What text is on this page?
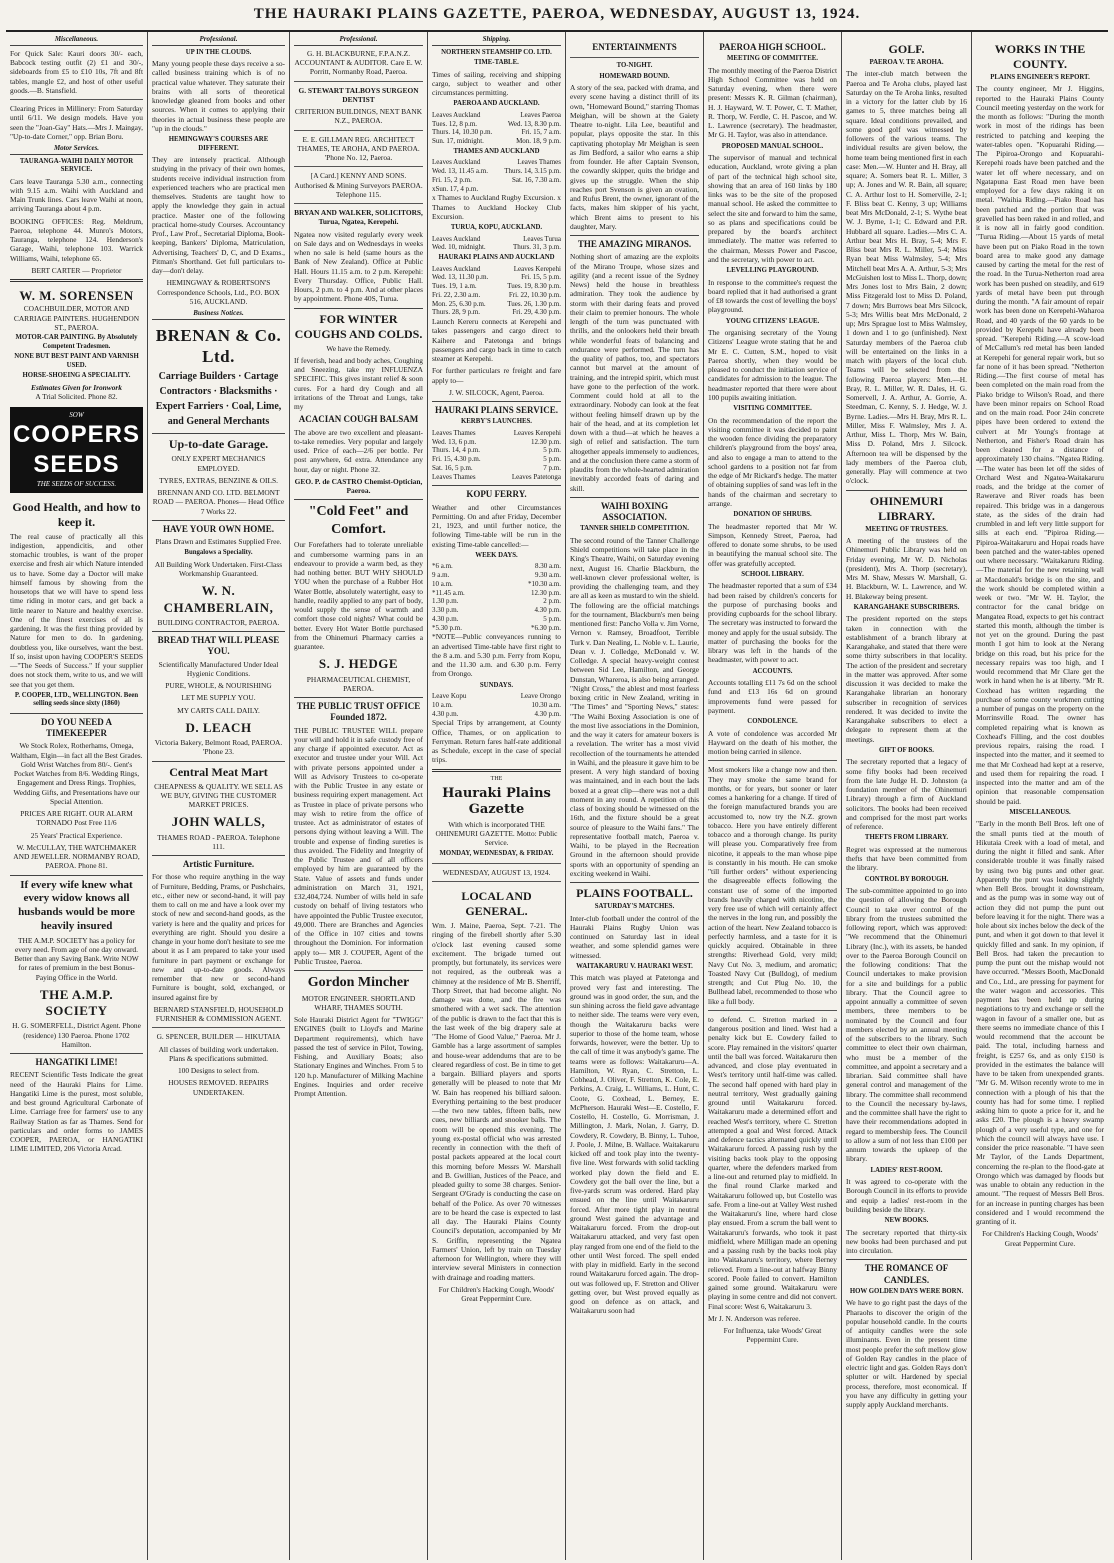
THE HAURAKI PLAINS GAZETTE, PAEROA, WEDNESDAY, AUGUST 13, 1924.
Miscellaneous.

For Quick Sale: Kauri doors 30/- each, Babcock testing outfit (2) £1 and 30/-, sideboards from £5 to £10 10s, 7ft and 8ft tables, mangle £2, and host of other useful goods.—B. Stansfield.

Clearing Prices in Millinery: From Saturday until 6/11. We design models. Have you seen the "Joan-Gay" Hats.—Mrs J. Maingay, "Up-to-date Corner," opp. Brian Boru.

Motor Services.
TAURANGA-WAIHI DAILY MOTOR SERVICE.

Cars leave Tauranga 5.30 a.m., connecting with 9.15 a.m. Waihi with Auckland and Main Trunk lines. Cars leave Waihi at noon, arriving Tauranga about 4 p.m.

BOOKING OFFICES: Reg. Meldrum, Paeroa, telephone 44. Munro's Motors, Tauranga, telephone 124. Henderson's Garage, Waihi, telephone 103. Warrick Williams, Waihi, telephone 65.

BERT CARTER — Proprietor

W. M. SORENSEN
COACHBUILDER, MOTOR AND CARRIAGE PAINTERS. HUGHENDON ST., PAEROA.
MOTOR-CAR PAINTING. By Absolutely Competent Tradesmen.
NONE BUT BEST PAINT AND VARNISH USED.
HORSE-SHOEING A SPECIALITY.
Estimates Given for Ironwork
A Trial Solicited. Phone 82.
SOW
COOPERS SEEDS
THE SEEDS OF SUCCESS.
Good Health, and how to keep it.

The real cause of practically all this indigestion, appendicitis, and other stomachic troubles, is want of the proper exercise and fresh air which Nature intended us to have. Some day a Doctor will make himself famous by showing from the housetops that we will have to spend less time riding in motor cars, and get back a little nearer to Nature and healthy exercise. One of the finest exercises of all is gardening. It was the first thing provided by Nature for men to do. In gardening, doubtless you, like ourselves, want the best. If so, insist upon having COOPER'S SEEDS—"The Seeds of Success." If your supplier does not stock them, write to us, and we will see that you get them.

P. COOPER, LTD., WELLINGTON. Been selling seeds since sixty (1860)
DO YOU NEED A TIMEKEEPER

We Stock Rolex, Rotherhams, Omega, Waltham, Elgin—in fact all the Best Grades. Gold Wrist Watches from 80/-. Gent's Pocket Watches from 8/6. Wedding Rings, Engagement and Dress Rings. Trophies, Wedding Gifts, and Presentations have our Special Attention.

PRICES ARE RIGHT. OUR ALARM TORNADO Post Free 11/6

25 Years' Practical Experience.

W. McCULLAY, THE WATCHMAKER AND JEWELLER. NORMANBY ROAD, PAEROA. Phone 81.

If every wife knew what every widow knows all husbands would be more heavily insured

THE A.M.P. SOCIETY has a policy for every need. From age of one day onward. Better than any Saving Bank. Write NOW for rates of premium in the best Bonus-Paying Office in the World.

THE A.M.P. SOCIETY

H. G. SOMERFELL, District Agent. Phone (residence) 130 Paeroa. Phone 1702 Hamilton.

HANGATIKI LIME!

RECENT Scientific Tests Indicate the great need of the Hauraki Plains for Lime. Hangatiki Lime is the purest, most soluble, and best ground Agricultural Carbonate of Lime. Carriage free for farmers' use to any Railway Station as far as Thames. Send for particulars and order forms to JAMES COOPER, PAEROA, or HANGATIKI LIME LIMITED, 206 Victoria Arcad.

Professional.
UP IN THE CLOUDS.

Many young people these days receive a so-called business training which is of no practical value whatever. They saturate their brains with all sorts of theoretical knowledge gleaned from books and other sources. When it comes to applying their theories in actual business these people are "up in the clouds."

HEMINGWAY'S COURSES ARE DIFFERENT.

They are intensely practical. Although studying in the privacy of their own homes, students receive individual instruction from experienced teachers who are practical men themselves. Students are taught how to apply the knowledge they gain in actual practice. Master one of the following practical home-study Courses. Accountancy Prof., Law Prof., Secretarial Diploma, Book-keeping, Bankers' Diploma, Matriculation, Advertising, Teachers' D, C, and D Exams., Pitman's Shorthand. Get full particulars to-day—don't delay.

HEMINGWAY & ROBERTSON'S Correspondence Schools, Ltd., P.O. BOX 516, AUCKLAND.

Business Notices.
BRENAN & Co. Ltd.

Carriage Builders · Cartage Contractors · Blacksmiths · Expert Farriers · Coal, Lime, and General Merchants

Up-to-date Garage.

ONLY EXPERT MECHANICS EMPLOYED.

TYRES, EXTRAS, BENZINE & OILS.

BRENNAN AND CO. LTD. BELMONT ROAD — PAEROA. Phones— Head Office 7 Works 22.

HAVE YOUR OWN HOME.

Plans Drawn and Estimates Supplied Free.

Bungalows a Speciality.

All Building Work Undertaken. First-Class Workmanship Guaranteed.

W. N. CHAMBERLAIN,

BUILDING CONTRACTOR, PAEROA.

BREAD THAT WILL PLEASE YOU.

Scientifically Manufactured Under Ideal Hygienic Conditions.

PURE, WHOLE, & NOURISHING

LET ME SUPPLY YOU.

MY CARTS CALL DAILY.

D. LEACH

Victoria Bakery, Belmont Road, PAEROA. 'Phone 23.

Central Meat Mart

CHEAPNESS & QUALITY. WE SELL AS WE BUY, GIVING THE CUSTOMER MARKET PRICES.

JOHN WALLS,

THAMES ROAD - PAEROA. Telephone 111.

Artistic Furniture.

For those who require anything in the way of Furniture, Bedding, Prams, or Pushchairs, etc., either new or second-hand, it will pay them to call on me and have a look over my stock of new and second-hand goods, as the variety is here and the quality and prices for everything are right. Should you desire a change in your home don't hesitate to see me about it as I am prepared to take your used furniture in part payment or exchange for new and up-to-date goods. Always remember that new or second-hand Furniture is bought, sold, exchanged, or insured against fire by

BERNARD STANSFIELD, HOUSEHOLD FURNISHER & COMMISSION AGENT.

G. SPENCER, BUILDER — HIKUTAIA

All classes of building work undertaken. Plans & specifications submitted.

100 Designs to select from.

HOUSES REMOVED. REPAIRS UNDERTAKEN.

Professional.

G. H. BLACKBURNE, F.P.A.N.Z. ACCOUNTANT & AUDITOR. Care E. W. Porritt, Normanby Road, Paeroa.

G. STEWART TALBOYS SURGEON DENTIST

CRITERION BUILDINGS, NEXT BANK N.Z., PAEROA.

E. E. GILLMAN REG. ARCHITECT THAMES, TE AROHA, AND PAEROA. 'Phone No. 12, Paeroa.

[A Card.] KENNY AND SONS. Authorised & Mining Surveyors PAEROA. Telephone 115.

BRYAN AND WALKER, SOLICITORS, Turua, Ngatea, Kerepehi.

Ngatea now visited regularly every week on Sale days and on Wednesdays in weeks when no sale is held (same hours as the Bank of New Zealand). Office at Public Hall. Hours 11.15 a.m. to 2 p.m. Kerepehi: Every Thursday. Office, Public Hall. Hours, 2 p.m. to 4 p.m. And at other places by appointment. Phone 40S, Turua.

FOR WINTER COUGHS AND COLDS.

We have the Remedy.

If feverish, head and body aches, Coughing and Sneezing, take my INFLUENZA SPECIFIC. This gives instant relief & soon cures. For a hard dry Cough and all irritations of the Throat and Lungs, take my

ACACIAN COUGH BALSAM

The above are two excellent and pleasant-to-take remedies. Very popular and largely used. Price of each—2/6 per bottle. Per post anywhere, 6d extra. Attendance any hour, day or night. Phone 32.

GEO. P. de CASTRO Chemist-Optician, Paeroa.

"Cold Feet" and Comfort.

Our Forefathers had to tolerate unreliable and cumbersome warming pans in an endeavour to provide a warm bed, as they had nothing better. BUT WHY SHOULD YOU when the purchase of a Rubber Hot Water Bottle, absolutely watertight, easy to handle, readily applied to any part of body, would supply the sense of warmth and comfort those cold nights? What could be better. Every Hot Water Bottle purchased from the Ohinemuri Pharmacy carries a guarantee.

S. J. HEDGE

PHARMACEUTICAL CHEMIST, PAEROA.

THE PUBLIC TRUST OFFICE Founded 1872.

THE PUBLIC TRUSTEE WILL prepare your will and hold it in safe custody free of any charge if appointed executor. Act as executor and trustee under your Will. Act with private persons appointed under a Will as Advisory Trustees to co-operate with the Public Trustee in any estate or business requiring expert management. Act as Trustee in place of private persons who may wish to retire from the office of trustee. Act as administrator of estates of persons dying without leaving a Will. The trouble and expense of finding sureties is thus avoided. The Fidelity and Integrity of the Public Trustee and of all officers employed by him are guaranteed by the State. Value of assets and funds under administration on March 31, 1921, £32,404,724. Number of wills held in safe custody on behalf of living testators who have appointed the Public Trustee executor, 49,000. There are Branches and Agencies of the Office in 107 cities and towns throughout the Dominion. For information apply to— MR J. COUPER, Agent of the Public Trustee, Paeroa.

Gordon Mincher

MOTOR ENGINEER. SHORTLAND WHARF, THAMES SOUTH.

Sole Hauraki District Agent for "TWIGG" ENGINES (built to Lloyd's and Marine Department requirements), which have passed the test of service in Pilot, Towing, Fishing, and Auxiliary Boats; also Stationary Engines and Winches. From 5 to 120 h.p. Manufacturer of Milking Machine Engines. Inquiries and order receive Prompt Attention.

Shipping.
NORTHERN STEAMSHIP CO. LTD.
TIME-TABLE.

Times of sailing, receiving and shipping cargo, subject to weather and other circumstances permitting.

PAEROA AND AUCKLAND.
Leaves Auckland	Leaves Paeroa
Tues. 12, 8 p.m.	Wed. 13, 8.30 p.m.
Thurs. 14, 10.30 p.m.	Fri. 15, 7 a.m.
Sun. 17, midnight.	Mon. 18, 9 p.m.
THAMES AND AUCKLAND
Leaves Auckland	Leaves Thames
Wed. 13, 11.45 a.m. Thurs. 14, 3.15 p.m.
Fri. 15, 2 p.m.	Sat. 16, 7.30 a.m.
xSun. 17, 4 p.m.

x Thames to Auckland Rugby Excursion. x Thames to Auckland Hockey Club Excursion.

TURUA, KOPU, AUCKLAND.
Leaves Auckland	Leaves Turua
Wed. 10, midnight.	Thurs. 31, 3 p.m.
HAURAKI PLAINS AND AUCKLAND
Leaves Auckland	Leaves Kerepehi
Wed. 13, 11.30 p.m.	Fri. 15, 5 p.m.
Tues. 19, 1 a.m.	Tues. 19, 8.30 p.m.
Fri. 22, 2.30 a.m.	Fri. 22, 10.30 p.m.
Mon. 25, 6.30 p.m.	Tues. 26, 1.30 p.m.
Thurs. 28, 9 p.m.	Fri. 29, 4.30 p.m.

Launch Kereru connects at Kerepehi and takes passengers and cargo direct to Kaihere and Patetonga and brings passengers and cargo back in time to catch steamer at Kerepehi.

For further particulars re freight and fare apply to—

J. W. SILCOCK, Agent, Paeroa.

HAURAKI PLAINS SERVICE.
KERBY'S LAUNCHES.
Leaves Thames	Leaves Kerepehi
Wed. 13, 6 p.m.	12.30 p.m.
Thurs. 14, 4 p.m.	5 p.m.
Fri. 15, 4.30 p.m.	5 p.m.
Sat. 16, 5 p.m.	7 p.m.
Leaves Thames	Leaves Patetonga
KOPU FERRY.

Weather and other Circumstances Permitting. On and after Friday, December 21, 1923, and until further notice, the following Time-table will be run in the existing Time-table cancelled:—

WEEK DAYS.
*6 a.m.	8.30 a.m.
9 a.m.	9.30 a.m.
10 a.m.	*10.30 a.m.
*11.45 a.m.	12.30 p.m.
1.30 p.m.	2 p.m.
3.30 p.m.	4.30 p.m.
4.30 p.m.	5 p.m.
*5.30 p.m.	*6.30 p.m.

*NOTE—Public conveyances running to an advertised Time-table have first right to the 8 a.m. and 5.30 p.m. Ferry from Kopu, and the 11.30 a.m. and 6.30 p.m. Ferry from Orongo.

SUNDAYS.
Leave Kopu	Leave Orongo
10 a.m.	10.30 a.m.
4.30 p.m.	4.30 p.m.

Special Trips by arrangement, at County Office, Thames, or on application to Ferryman. Return fares half-rate additional as Schedule, except in the case of special trips.

THE
Hauraki Plains Gazette

With which is incorporated THE OHINEMURI GAZETTE. Motto: Public Service.

MONDAY, WEDNESDAY, & FRIDAY.

WEDNESDAY, AUGUST 13, 1924.

LOCAL AND GENERAL.

Wm. J. Maine, Paeroa, Sept. 7-21. The ringing of the firebell shortly after 5.30 o'clock last evening caused some excitement. The brigade turned out promptly, but fortunately, its services were not required, as the outbreak was a chimney at the residence of Mr B. Sherriff, Thorp Street, that had become alight. No damage was done, and the fire was smothered with a wet sack. The attention of the public is drawn to the fact that this is the last week of the big drapery sale at "The Home of Good Value," Paeroa. Mr J. Gamble has a large assortment of samples and house-wear addendums that are to be cleared regardless of cost. Be in time to get a bargain. Billiard players and sports generally will be pleased to note that Mr W. Bain has reopened his billiard saloon. Everything pertaining to the best producer—the two new tables, fifteen balls, new cues, new billiards and snooker balls. The room will be opened this evening. The young ex-postal official who was arrested recently in connection with the theft of postal packets appeared at the local court this morning before Messrs W. Marshall and B. Gwillian, Justices of the Peace, and pleaded guilty to some 38 charges. Senior-Sergeant O'Grady is conducting the case on behalf of the Police. As over 70 witnesses are to be heard the case is expected to last all day. The Hauraki Plains County Council's deputation, accompanied by Mr S. Griffin, representing the Ngatea Farmers' Union, left by train on Tuesday afternoon for Wellington, where they will interview several Ministers in connection with drainage and roading matters.

For Children's Hacking Cough, Woods' Great Peppermint Cure.

ENTERTAINMENTS
TO-NIGHT.
HOMEWARD BOUND.

A story of the sea, packed with drama, and every scene having a distinct thrill of its own, "Homeward Bound," starring Thomas Meighan, will be shown at the Gaiety Theatre to-night. Lila Lee, beautiful and popular, plays opposite the star. In this captivating photoplay Mr Meighan is seen as Jim Bedford, a sailor who earns a ship from founder. He after Captain Svenson, the cowardly skipper, quits the bridge and gives up the struggle. When the ship reaches port Svenson is given an ovation, and Rufus Brent, the owner, ignorant of the facts, makes him skipper of his yacht, which Brent aims to present to his daughter, Mary.

THE AMAZING MIRANOS.

Nothing short of amazing are the exploits of the Mirano Troupe, whose sizes and agility (and a recent issue of the Sydney News) held the house in breathless admiration. They took the audience by storm with their daring feats and proved their claim to premier honours. The whole length of the turn was punctuated with thrills, and the onlookers held their breath while wonderful feats of balancing and endurance were performed. The turn has the quality of pathos, too, and spectators cannot but marvel at the amount of training, and the intrepid spirit, which must have gone to the perfection of the work. Comment could hold at all to the extraordinary. Nobody can look at the feat without feeling himself drawn up by the hair of the head, and at its completion let down with a thud—at which he heaves a sigh of relief and satisfaction. The turn altogether appeals immensely to audiences, and at the conclusion there came a storm of plaudits from the whole-hearted admiration inevitably accorded feats of daring and skill.

WAIHI BOXING ASSOCIATION.
TANNER SHIELD COMPETITION.

The second round of the Tanner Challenge Shield competitions will take place in the King's Theatre, Waihi, on Saturday evening next, August 16. Charlie Blackburn, the well-known clever professional welter, is providing the challenging team, and they are all as keen as mustard to win the shield. The following are the official matchings for the tournament, Blackburn's men being mentioned first: Pancho Volla v. Jim Vorne, Vernon v. Ramsey, Broadfoot, Terrible Turk v. Dan Nealing, L. Noble v. L. Laurie, Dean v. J. Colledge, McDonald v. W. Colledge. A special heavy-weight contest between Sid Lee, Hamilton, and George Dunstan, Whareroa, is also being arranged. "Night Cross," the ablest and most fearless boxing critic in New Zealand, writing in "The Times" and "Sporting News," states: "The Waihi Boxing Association is one of the most live associations in the Dominion, and the way it caters for amateur boxers is a revelation. The writer has a most vivid recollection of the tournaments he attended in Waihi, and the pleasure it gave him to be present. A very high standard of boxing was maintained, and in each bout the lads boxed at a great clip—there was not a dull moment in any round. A repetition of this class of boxing should be witnessed on the 16th, and the fixture should be a great source of pleasure to the Waihi fans." The representative football match, Paeroa v. Waihi, to be played in the Recreation Ground in the afternoon should provide sports with an opportunity of spending an exciting weekend in Waihi.

PLAINS FOOTBALL.
SATURDAY'S MATCHES.

Inter-club football under the control of the Hauraki Plains Rugby Union was continued on Saturday last in ideal weather, and some splendid games were witnessed.

WAITAKARURU V. HAURAKI WEST.

This match was played at Patetonga and proved very fast and interesting. The ground was in good order, the sun, and the sun shining across the field gave advantage to neither side. The teams were very even, though the Waitakaruru backs were superior to those of the home team, whose forwards, however, were the better. Up to the call of time it was anybody's game. The teams were as follows: Waitakaruru—A. Hamilton, W. Ryan, C. Stretton, L. Cobhead, J. Oliver, F. Stretton, K. Cole, E. Perkins, A. Craig, L. Williams, L. Hunt, C. Coote, G. Coxhead, L. Berney, E. McPherson. Hauraki West—E. Costello, F. Costello, H. Costello, G. Morrisman, J. Millington, J. Mark, Nolan, J. Garry, D. Cowdery, R. Cowdery, B. Binny, L. Tuhoe, J. Poole, J. Milne, B. Wallace. Waitakaruru kicked off and took play into the twenty-five line. West forwards with solid tackling worked play down the field and E. Cowdery got the ball over the line, but a five-yards scrum was ordered. Hard play ensued on the line until Waitakaruru forced. After more tight play in neutral ground West gained the advantage and Waitakaruru forced. From the drop-out Waitakaruru attacked, and very fast open play ranged from one end of the field to the other until West forced. The spell ended with play in midfield. Early in the second round Waitakaruru forced again. The drop-out was followed up, F. Stretton and Oliver getting over, but West proved equally as good on defence as on attack, and Waitakaruru soon had

PAEROA HIGH SCHOOL.
MEETING OF COMMITTEE.

The monthly meeting of the Paeroa District High School Committee was held on Saturday evening, when there were present: Messrs K. R. Gilman (chairman), H. J. Hayward, W. T. Power, C. T. Mather, R. Thorp, W. Ferdle, C. H. Pascoe, and W. L. Lawrence (secretary). The headmaster, Mr G. H. Taylor, was also in attendance.

PROPOSED MANUAL SCHOOL.

The supervisor of manual and technical education, Auckland, wrote giving a plan of part of the technical high school site, showing that an area of 160 links by 180 links was to be the site of the proposed manual school. He asked the committee to select the site and forward to him the same, so as plans and specifications could be prepared by the board's architect immediately. The matter was referred to the chairman, Messrs Power and Pascoe, and the secretary, with power to act.

LEVELLING PLAYGROUND.

In response to the committee's request the board replied that it had authorised a grant of £8 towards the cost of levelling the boys' playground.

YOUNG CITIZENS' LEAGUE.

The organising secretary of the Young Citizens' League wrote stating that he and Mr E. C. Cutten, S.M., hoped to visit Paeroa shortly, when they would be pleased to conduct the initiation service of candidates for admission to the league. The headmaster reported that there were about 100 pupils awaiting initiation.

VISITING COMMITTEE.

On the recommendation of the report the visiting committee it was decided to paint the wooden fence dividing the preparatory children's playground from the boys' area, and also to engage a man to attend to the school gardens to a position not far from the edge of Mr Rickard's hedge. The matter of obtaining supplies of sand was left in the hands of the chairman and secretary to arrange.

DONATION OF SHRUBS.

The headmaster reported that Mr W. Simpson, Kennedy Street, Paeroa, had offered to donate some shrubs, to be used in beautifying the manual school site. The offer was gratefully accepted.

SCHOOL LIBRARY.

The headmaster reported that a sum of £34 had been raised by children's concerts for the purpose of purchasing books and providing cupboards for the school library. The secretary was instructed to forward the money and apply for the usual subsidy. The matter of purchasing the books for the library was left in the hands of the headmaster, with power to act.

ACCOUNTS.

Accounts totalling £11 7s 6d on the school fund and £13 16s 6d on ground improvements fund were passed for payment.

CONDOLENCE.

A vote of condolence was accorded Mr Hayward on the death of his mother, the motion being carried in silence.

Most smokers like a change now and then. They may smoke the same brand for months, or for years, but sooner or later comes a hankering for a change. If tired of the foreign manufactured brands you are accustomed to, now try the N.Z. grown tobacco. Here you have entirely different tobacco and a thorough change. Its purity will please you. Comparatively free from nicotine, it appeals to the man whose pipe is constantly in his mouth. He can smoke "till further orders" without experiencing the disagreeable effects following the constant use of some of the imported brands heavily charged with nicotine, the very free use of which will certainly affect the nerves in the long run, and possibly the action of the heart. New Zealand tobacco is perfectly harmless, and a taste for it is quickly acquired. Obtainable in three strengths: Riverhead Gold, very mild; Navy Cut No. 3, medium, and aromatic; Toasted Navy Cut (Bulldog), of medium strength; and Cut Plug No. 10, the Bullhead label, recommended to those who like a full body.

to defend. C. Stretton marked in a dangerous position and lined. West had a penalty kick but E. Cowdery failed to score. Play remained in the visitors' quarter until the ball was forced. Waitakaruru then advanced, and close play eventuated in West's territory until half-time was called. The second half opened with hard play in neutral territory, West gradually gaining ground until Waitakaruru forced. Waitakaruru made a determined effort and reached West's territory, where C. Stretton attempted a goal and West forced. Attack and defence tactics alternated quickly until Waitakaruru forced. A passing rush by the visiting backs took play to the opposing quarter, where the defenders marked from a line-out and returned play to midfield. In the final round Clarke marked and Waitakaruru followed up, but Costello was safe. From a line-out at Valley West rushed the Waitakaruru's line, where hard close play ensued. From a scrum the ball went to Waitakaruru's forwards, who took it past midfield, where Milligan made an opening and a passing rush by the backs took play into Waitakaruru's territory, where Berney relieved. From a line-out at halfway Binny scored. Poole failed to convert. Hamilton gained some ground. Waitakaruru were playing in some centre and did not convert. Final score: West 6, Waitakaruru 3.

Mr J. N. Anderson was referee.

For Influenza, take Woods' Great Peppermint Cure.

GOLF.
PAEROA V. TE AROHA.

The inter-club match between the Paeroa and Te Aroha clubs, played last Saturday on the Te Aroha links, resulted in a victory for the latter club by 16 games to 5, three matches being all square. Ideal conditions prevailed, and some good golf was witnessed by followers of the various teams. The individual results are given below, the home team being mentioned first in each case: Men.—W. Hunter and H. Bray, all square; A. Somers beat R. L. Miller, 3 up; A. Jones and W. R. Bain, all square; C. A. Arthur lost to H. Somerville, 2-1; F. Bliss beat C. Kenny, 3 up; Williams beat Mrs McDonald, 2-1; S. Wythe beat W. J. Byrne, 1-1; C. Edward and P.R. Hubbard all square. Ladies.—Mrs C. A. Arthur beat Mrs H. Bray, 5-4; Mrs F. Bliss beat Mrs R. L. Miller, 5-4; Miss Ryan beat Miss Walmsley, 5-4; Mrs Mitchell beat Mrs A. A. Arthur, 5-3; Mrs McGuishen lost to Miss L. Thorp, down; Mrs Jones lost to Mrs Bain, 2 down; Miss Fitzgerald lost to Miss D. Poland, 7 down; Mrs Burrows beat Mrs Silcock, 5-3; Mrs Willis beat Mrs McDonald, 2 up; Mrs Sprague lost to Miss Walmsley, 1 down and 1 to go (unfinished). Next Saturday members of the Paeroa club will be entertained on the links in a match with players of the local club. Teams will be selected from the following Paeroa players: Men.—H. Bray, R. L. Miller, W. R. Dales, H. G. Somervell, J. A. Arthur, A. Gorrie, A. Steedman, C. Kenny, S. J. Hedge, W. J. Byrne. Ladies.—Mrs H. Bray, Mrs R. L. Miller, Miss F. Walmsley, Mrs J. A. Arthur, Miss L. Thorp, Mrs W. Bain, Miss D. Poland, Mrs J. Silcock. Afternoon tea will be dispensed by the lady members of the Paeroa club, generally. Play will commence at two o'clock.

OHINEMURI LIBRARY.
MEETING OF TRUSTEES.

A meeting of the trustees of the Ohinemuri Public Library was held on Friday evening, Mr W. D. Nicholas (president), Mrs A. Thorp (secretary), Mrs M. Shaw, Messrs W. Marshall, G. H. Blackburn, W. L. Lawrence, and W. H. Blakeway being present.

KARANGAHAKE SUBSCRIBERS.

The president reported on the steps taken in connection with the establishment of a branch library at Karangahake, and stated that there were some thirty subscribers in that locality. The action of the president and secretary in the matter was approved. After some discussion it was decided to make the Karangahake librarian an honorary subscriber in recognition of services rendered. It was decided to invite the Karangahake subscribers to elect a delegate to represent them at the meetings.

GIFT OF BOOKS.

The secretary reported that a legacy of some fifty books had been received from the late Judge H. D. Johnston (a foundation member of the Ohinemuri Library) through a firm of Auckland solicitors. The books had been received and comprised for the most part works of reference.

THEFTS FROM LIBRARY.

Regret was expressed at the numerous thefts that have been committed from the library.

CONTROL BY BOROUGH.

The sub-committee appointed to go into the question of allowing the Borough Council to take over control of the library from the trustees submitted the following report, which was approved: "We recommend that the Ohinemuri Library (Inc.), with its assets, be handed over to the Paeroa Borough Council on the following conditions: That the Council undertakes to make provision for a site and buildings for a public library. That the Council agree to appoint annually a committee of seven members, three members to be nominated by the Council and four members elected by an annual meeting of the subscribers to the library. Such committee to elect their own chairman, who must be a member of the committee, and appoint a secretary and a librarian. Said committee shall have general control and management of the library. The committee shall recommend to the Council the necessary by-laws, and the committee shall have the right to have their recommendations adopted in regard to membership fees. The Council to allow a sum of not less than £100 per annum towards the upkeep of the library.

LADIES' REST-ROOM.

It was agreed to co-operate with the Borough Council in its efforts to provide and equip a ladies' rest-room in the building beside the library.

NEW BOOKS.

The secretary reported that thirty-six new books had been purchased and put into circulation.

THE ROMANCE OF CANDLES.
HOW GOLDEN DAYS WERE BORN.

We have to go right past the days of the Pharaohs to discover the origin of the popular household candle. In the courts of antiquity candles were the sole illuminants. Even in the present time most people prefer the soft mellow glow of Golden Ray candles in the place of electric light and gas. Golden Rays don't splutter or wilt. Hardened by special process, therefore, most economical. If you have any difficulty in getting your supply apply Auckland merchants.

WORKS IN THE COUNTY.
PLAINS ENGINEER'S REPORT.

The county engineer, Mr J. Higgins, reported to the Hauraki Plains County Council meeting yesterday on the work for the month as follows: "During the month work in most of the ridings has been restricted to patching and keeping the water-tables open. "Kopuarahi Riding.—The Pipiroa-Orongo and Kopuarahi-Kerepehi roads have been patched and the water let off where necessary, and on Ngatapuna East Road men have been employed for a few days raking it on metal. "Waihia Riding.—Piako Road has been patched and the portion that was gravelled has been raked in and rolled, and it is now all in fairly good condition. "Turua Riding.—About 15 yards of metal have been put on Piako Road in the town board area to make good any damage caused by carting the metal for the rest of the road. In the Turua-Netherton road area work has been pushed on steadily, and 619 yards of metal have been put through during the month. "A fair amount of repair work has been done on Kerepehi-Waharoa Road, and 40 yards of the 60 yards to be provided by Kerepehi have already been spread. "Kerepehi Riding.—A scow-load of McCallum's red metal has been landed at Kerepehi for general repair work, but so far none of it has been spread. "Netherton Riding.—The first course of metal has been completed on the main road from the Piako bridge to Wilson's Road, and there have been minor repairs on School Road and on the main road. Poor 24in concrete pipes have been ordered to extend the culvert at Mr Young's frontage at Netherton, and Fisher's Road drain has been cleaned for a distance of approximately 130 chains. "Ngatea Riding.—The water has been let off the sides of Orchard West and Ngatea-Waitakaruru roads, and the bridge at the corner of Rawerave and River roads has been repaired. This bridge was in a dangerous state, as the sides of the drain had crumbled in and left very little support for sills at each end. "Pipiroa Riding.—Pipiroa-Waitakaruru and Hopai roads have been patched and the water-tables opened out where necessary. "Waitakaruru Riding.—The material for the new retaining wall at Macdonald's bridge is on the site, and the work should be completed within a week or two. "Mr W. H. Taylor, the contractor for the canal bridge on Mangatea Road, expects to get his contract started this month, although the timber is not yet on the ground. During the past month I got him to look at the Nerang bridge on this road, but his price for the necessary repairs was too high, and I would recommend that Mr Clare get the work in hand when he is at liberty. "Mr R. Coxhead has written regarding the purchase of some county workmen cutting a number of pungas on the property on the Morrinsville Road. The owner has completed repairing what is known as Coxhead's Filling, and the cost doubles previous repairs, raising the road. I inspected into the matter, and it seemed to me that Mr Coxhead had kept at a reserve, and used them for repairing the road. I inspected into the matter and am of the opinion that reasonable compensation should be paid.

MISCELLANEOUS.

"Early in the month Bell Bros. left one of the small punts tied at the mouth of Hikutaia Creek with a load of metal, and during the night it filled and sank. After considerable trouble it was finally raised by using two big punts and other gear. Apparently the punt was leaking slightly when Bell Bros. brought it downstream, and as the pump was in some way out of action they did not pump the punt out before leaving it for the night. There was a hole about six inches below the deck of the punt, and when it got down to that level it quickly filled and sank. In my opinion, if Bell Bros. had taken the precaution to pump the punt out the mishap would not have occurred. "Messrs Booth, MacDonald and Co., Ltd., are pressing for payment for the water wagon and accessories. This payment has been held up during negotiations to try and exchange or sell the wagon in favour of a smaller one, but as there seems no immediate chance of this I would recommend that the account be paid. The total, including harness and freight, is £257 6s, and as only £150 is provided in the estimates the balance will have to be taken from unexpended grants. "Mr G. M. Wilson recently wrote to me in connection with a plough of his that the county has had for some time. I replied asking him to quote a price for it, and he asks £20. The plough is a heavy swamp plough of a very useful type, and one for which the council will always have use. I consider the price reasonable. "I have seen Mr Taylor, of the Lands Department, concerning the re-plan to the flood-gate at Orongo which was damaged by floods but was unable to obtain any reduction in the amount. "The request of Messrs Bell Bros. for an increase in punting charges has been considered and I would recommend the granting of it.

For Children's Hacking Cough, Woods' Great Peppermint Cure.
